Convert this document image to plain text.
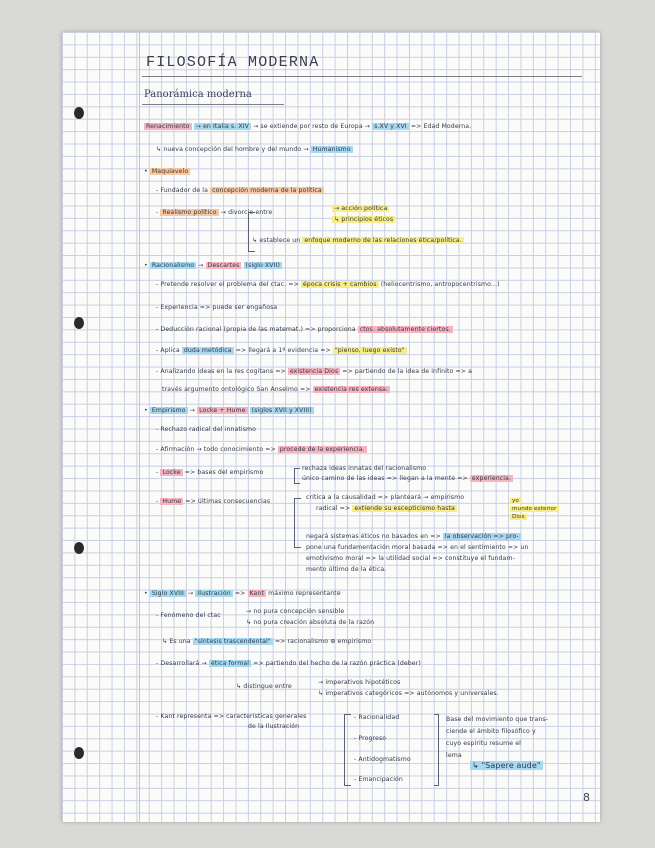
FILOSOFÍA MODERNA
Panorámica moderna
Renacimiento → en Italia s. XIV → se extiende por resto de Europa → s.XV y XVI => Edad Moderna.
↳ nueva concepción del hombre y del mundo → Humanismo
• Maquiavelo
- Fundador de la concepción moderna de la política
- Realismo político → divorcio entre
→ acción política
↳ principios éticos
↳ establece un enfoque moderno de las relaciones ética/política.
• Racionalismo → Descartes (siglo XVII)
- Pretende resolver el problema del ctac. => época crisis + cambios (heliocentrismo, antropocentrismo...)
- Experiencia => puede ser engañosa
- Deducción racional (propia de las matemat.) => proporciona ctos. absolutamente ciertos.
- Aplica duda metódica => llegará a 1º evidencia => "pienso, luego existo"
- Analizando ideas en la res cogitans => existencia Dios => partiendo de la idea de infinito => a
través argumento ontológico San Anselmo => existencia res extensa.
• Empirismo → Locke + Hume (siglos XVII y XVIII)
- Rechazo radical del innatismo
- Afirmación → todo conocimiento => procede de la experiencia.
- Locke => bases del empirismo
rechaza ideas innatas del racionalismo
único camino de las ideas => llegan a la mente => experiencia.
- Hume => últimas consecuencias
crítica a la causalidad => planteará → empirismo
radical => extiende su escepticismo hasta
yo
mundo exterior
Dios
negará sistemas éticos no basados en => la observación => pro-
pone una fundamentación moral basada => en el sentimiento => un
emotivismo moral => la utilidad social => constituye el fundam-
mento último de la ética.
• Siglo XVIII → Ilustración => Kant máximo representante
- Fenómeno del ctac
→ no pura concepción sensible
↳ no pura creación absoluta de la razón
↳ Es una "síntesis trascendental" => racionalismo ⊕ empirismo
- Desarrollará → ética formal => partiendo del hecho de la razón práctica (deber)
↳ distingue entre
→ imperativos hipotéticos
↳ imperativos categóricos => autónomos y universales.
- Kant representa => características generales
de la Ilustración
- Racionalidad
- Progreso
- Antidogmatismo
- Emancipación
Base del movimiento que trans-
ciende el ámbito filosófico y
cuyo espíritu resume el
lema
↳ "Sapere aude"
8
